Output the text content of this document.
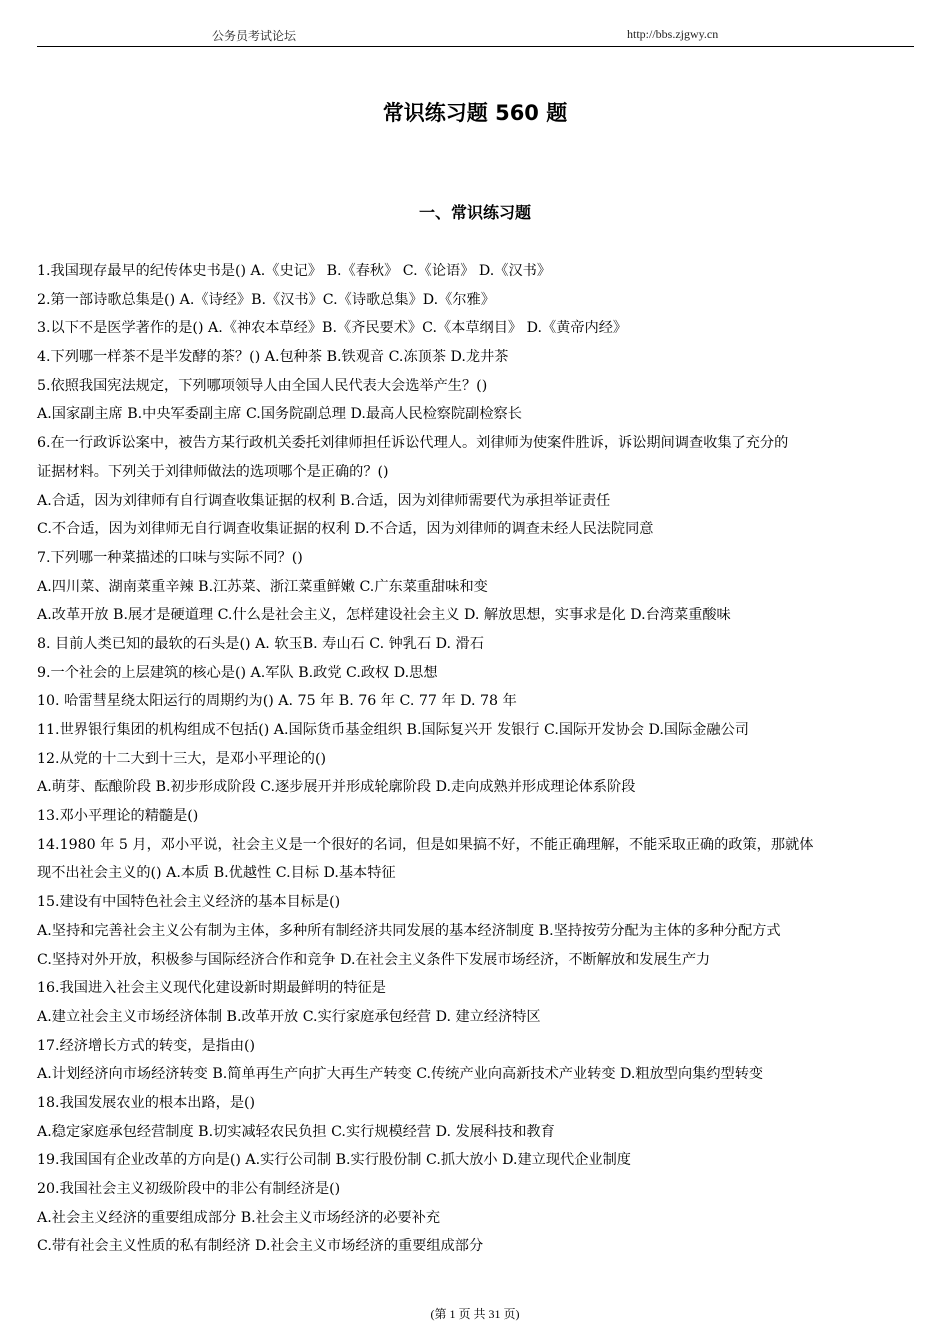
公务员考试论坛	http://bbs.zjgwy.cn
常识练习题 560 题
一、常识练习题
1.我国现存最早的纪传体史书是() A.《史记》 B.《春秋》 C.《论语》 D.《汉书》
2.第一部诗歌总集是() A.《诗经》B.《汉书》C.《诗歌总集》D.《尔雅》
3.以下不是医学著作的是() A.《神农本草经》B.《齐民要术》C.《本草纲目》 D.《黄帝内经》
4.下列哪一样茶不是半发酵的茶？() A.包种茶 B.铁观音 C.冻顶茶 D.龙井茶
5.依照我国宪法规定，下列哪项领导人由全国人民代表大会选举产生？()
A.国家副主席 B.中央军委副主席 C.国务院副总理 D.最高人民检察院副检察长
6.在一行政诉讼案中，被告方某行政机关委托刘律师担任诉讼代理人。刘律师为使案件胜诉，诉讼期间调查收集了充分的
证据材料。下列关于刘律师做法的选项哪个是正确的？()
A.合适，因为刘律师有自行调查收集证据的权利 B.合适，因为刘律师需要代为承担举证责任
C.不合适，因为刘律师无自行调查收集证据的权利 D.不合适，因为刘律师的调查未经人民法院同意
7.下列哪一种菜描述的口味与实际不同？()
A.四川菜、湖南菜重辛辣 B.江苏菜、浙江菜重鲜嫩 C.广东菜重甜味和变
A.改革开放 B.展才是硬道理 C.什么是社会主义，怎样建设社会主义 D. 解放思想，实事求是化 D.台湾菜重酸味
8. 目前人类已知的最软的石头是() A. 软玉B. 寿山石 C. 钟乳石 D. 滑石
9.一个社会的上层建筑的核心是() A.军队 B.政党 C.政权 D.思想
10. 哈雷彗星绕太阳运行的周期约为() A. 75 年 B. 76 年 C. 77 年 D. 78 年
11.世界银行集团的机构组成不包括() A.国际货币基金组织 B.国际复兴开 发银行 C.国际开发协会 D.国际金融公司
12.从党的十二大到十三大，是邓小平理论的()
A.萌芽、酝酿阶段 B.初步形成阶段 C.逐步展开并形成轮廓阶段 D.走向成熟并形成理论体系阶段
13.邓小平理论的精髓是()
14.1980 年 5 月，邓小平说，社会主义是一个很好的名词，但是如果搞不好，不能正确理解，不能采取正确的政策，那就体
现不出社会主义的() A.本质 B.优越性 C.目标 D.基本特征
15.建设有中国特色社会主义经济的基本目标是()
A.坚持和完善社会主义公有制为主体，多种所有制经济共同发展的基本经济制度 B.坚持按劳分配为主体的多种分配方式
C.坚持对外开放，积极参与国际经济合作和竞争 D.在社会主义条件下发展市场经济，不断解放和发展生产力
16.我国进入社会主义现代化建设新时期最鲜明的特征是
A.建立社会主义市场经济体制 B.改革开放 C.实行家庭承包经营 D. 建立经济特区
17.经济增长方式的转变，是指由()
A.计划经济向市场经济转变 B.简单再生产向扩大再生产转变 C.传统产业向高新技术产业转变 D.粗放型向集约型转变
18.我国发展农业的根本出路，是()
A.稳定家庭承包经营制度 B.切实减轻农民负担 C.实行规模经营 D. 发展科技和教育
19.我国国有企业改革的方向是() A.实行公司制 B.实行股份制 C.抓大放小 D.建立现代企业制度
20.我国社会主义初级阶段中的非公有制经济是()
A.社会主义经济的重要组成部分 B.社会主义市场经济的必要补充
C.带有社会主义性质的私有制经济 D.社会主义市场经济的重要组成部分
(第 1 页 共 31 页)
